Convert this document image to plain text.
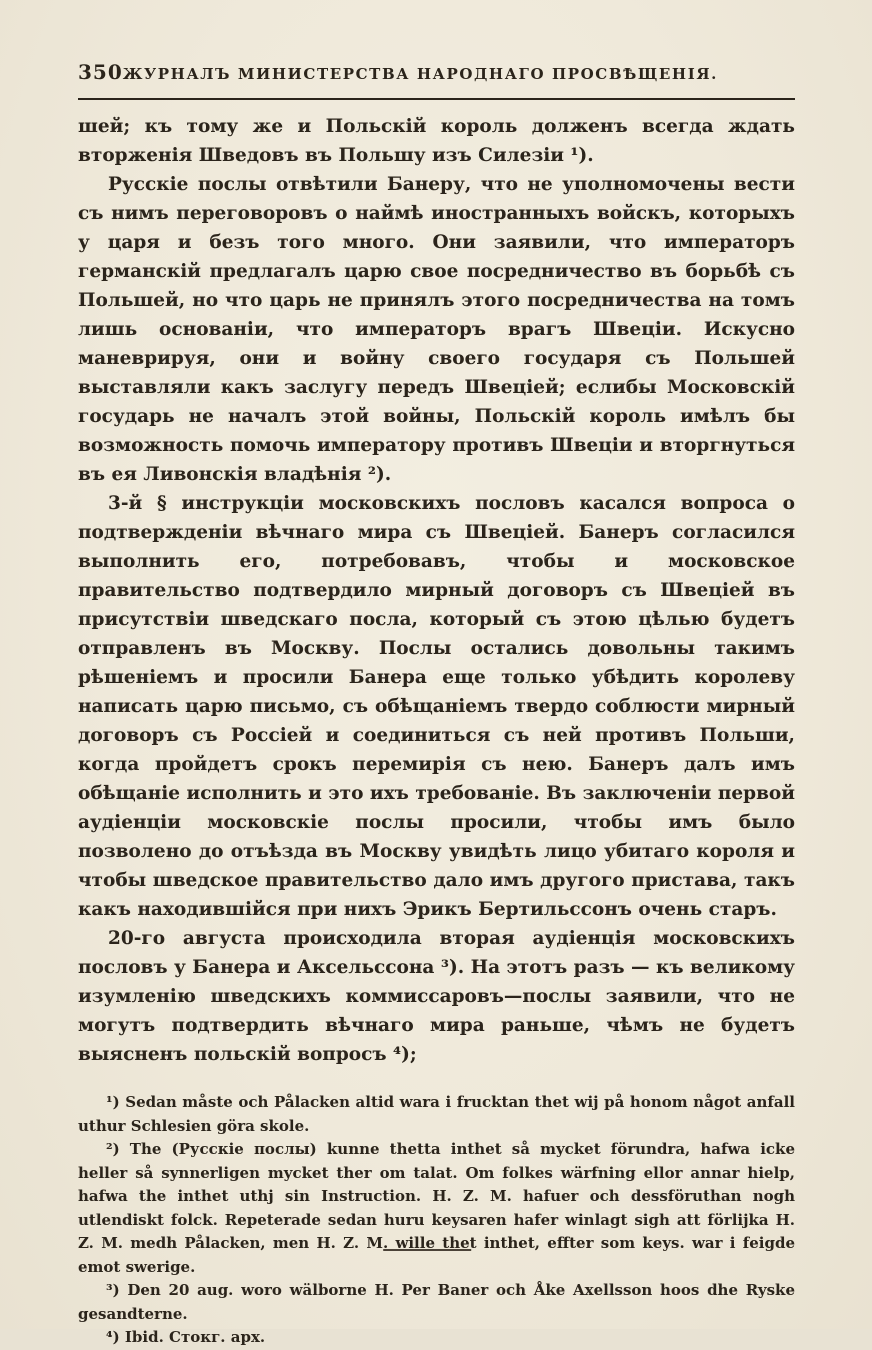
350 ЖУРНАЛЪ МИНИСТЕРСТВА НАРОДНАГО ПРОСВѢЩЕНІЯ.

шей; къ тому же и Польскій король долженъ всегда ждать вторженія Шведовъ въ Польшу изъ Силезіи ¹).

Русскіе послы отвѣтили Банеру, что не уполномочены вести съ нимъ переговоровъ о наймѣ иностранныхъ войскъ, которыхъ у царя и безъ того много. Они заявили, что императоръ германскій предлагалъ царю свое посредничество въ борьбѣ съ Польшей, но что царь не принялъ этого посредничества на томъ лишь основаніи, что императоръ врагъ Швеціи. Искусно маневрируя, они и войну своего государя съ Польшей выставляли какъ заслугу передъ Швеціей; еслибы Московскій государь не началъ этой войны, Польскій король имѣлъ бы возможность помочь императору противъ Швеціи и вторгнуться въ ея Ливонскія владѣнія ²).

3-й § инструкціи московскихъ пословъ касался вопроса о подтвержденіи вѣчнаго мира съ Швеціей. Банеръ согласился выполнить его, потребовавъ, чтобы и московское правительство подтвердило мирный договоръ съ Швеціей въ присутствіи шведскаго посла, который съ этою цѣлью будетъ отправленъ въ Москву. Послы остались довольны такимъ рѣшеніемъ и просили Банера еще только убѣдить королеву написать царю письмо, съ обѣщаніемъ твердо соблюсти мирный договоръ съ Россіей и соединиться съ ней противъ Польши, когда пройдетъ срокъ перемирія съ нею. Банеръ далъ имъ обѣщаніе исполнить и это ихъ требованіе. Въ заключеніи первой аудіенціи московскіе послы просили, чтобы имъ было позволено до отъѣзда въ Москву увидѣть лицо убитаго короля и чтобы шведское правительство дало имъ другого пристава, такъ какъ находившійся при нихъ Эрикъ Бертильссонъ очень старъ.

20-го августа происходила вторая аудіенція московскихъ пословъ у Банера и Аксельссона ³). На этотъ разъ — къ великому изумленію шведскихъ коммиссаровъ—послы заявили, что не могутъ подтвердить вѣчнаго мира раньше, чѣмъ не будетъ выясненъ польскій вопросъ ⁴);

¹) Sedan måste och Pålacken altid wara i frucktan thet wij på honom något anfall uthur Schlesien göra skole.

²) The (Русскіе послы) kunne thetta inthet så mycket förundra, hafwa icke heller så synnerligen mycket ther om talat. Om folkes wärfning ellor annar hielp, hafwa the inthet uthj sin Instruction. H. Z. M. hafuer och dessföruthan nogh utlendiskt folck. Repeterade sedan huru keysaren hafer winlagt sigh att förlijka H. Z. M. medh Pålacken, men H. Z. M. wille thet inthet, effter som keys. war i feigde emot swerige.

³) Den 20 aug. woro wälborne H. Per Baner och Åke Axellsson hoos dhe Ryske gesandterne.

⁴) Ibid. Стокг. арх.
